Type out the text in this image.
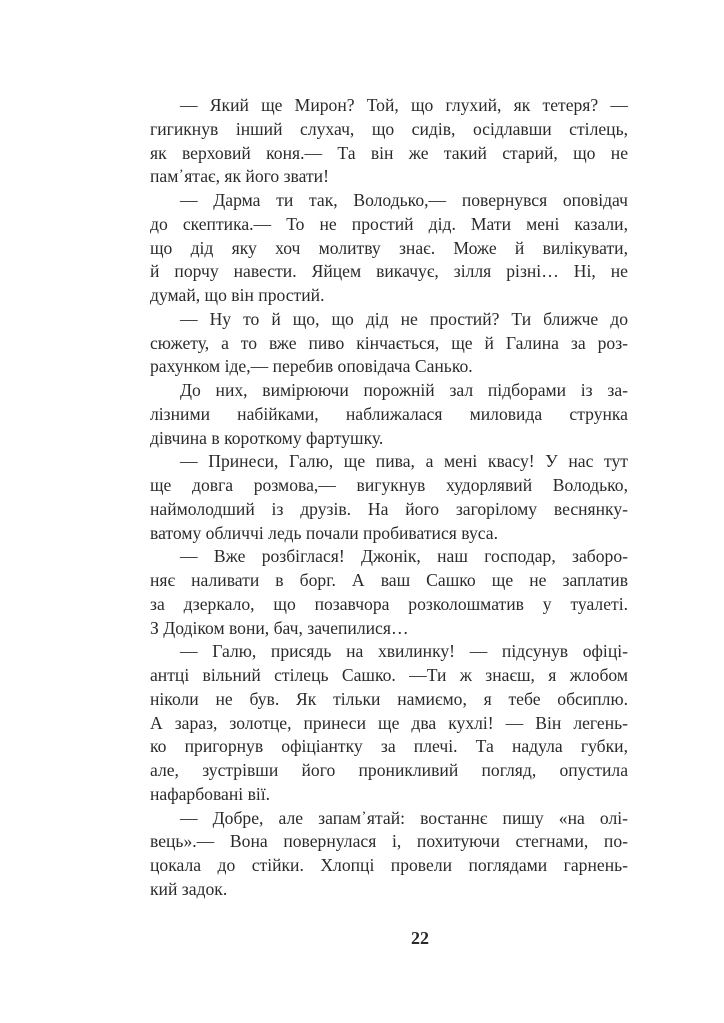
— Який ще Мирон? Той, що глухий, як тетеря? —
гигикнув інший слухач, що сидів, осідлавши стілець,
як верховий коня.— Та він же такий старий, що не
пам᾿ятає, як його звати!
— Дарма ти так, Володько,— повернувся оповідач
до скептика.— То не простий дід. Мати мені казали,
що дід яку хоч молитву знає. Може й вилікувати,
й порчу навести. Яйцем викачує, зілля різні… Ні, не
думай, що він простий.
— Ну то й що, що дід не простий? Ти ближче до
сюжету, а то вже пиво кінчається, ще й Галина за роз-
рахунком іде,— перебив оповідача Санько.
До них, вимірюючи порожній зал підборами із за-
лізними набійками, наближалася миловида струнка
дівчина в короткому фартушку.
— Принеси, Галю, ще пива, а мені квасу! У нас тут
ще довга розмова,— вигукнув худорлявий Володько,
наймолодший із друзів. На його загорілому веснянку-
ватому обличчі ледь почали пробиватися вуса.
— Вже розбіглася! Джонік, наш господар, заборо-
няє наливати в борг. А ваш Сашко ще не заплатив
за дзеркало, що позавчора розколошматив у туалеті.
З Додіком вони, бач, зачепилися…
— Галю, присядь на хвилинку! — підсунув офіці-
антці вільний стілець Сашко. —Ти ж знаєш, я жлобом
ніколи не був. Як тільки намиємо, я тебе обсиплю.
А зараз, золотце, принеси ще два кухлі! — Він легень-
ко пригорнув офіціантку за плечі. Та надула губки,
але, зустрівши його проникливий погляд, опустила
нафарбовані вії.
— Добре, але запам᾿ятай: востаннє пишу «на олі-
вець».— Вона повернулася і, похитуючи стегнами, по-
цокала до стійки. Хлопці провели поглядами гарнень-
кий задок.
22
